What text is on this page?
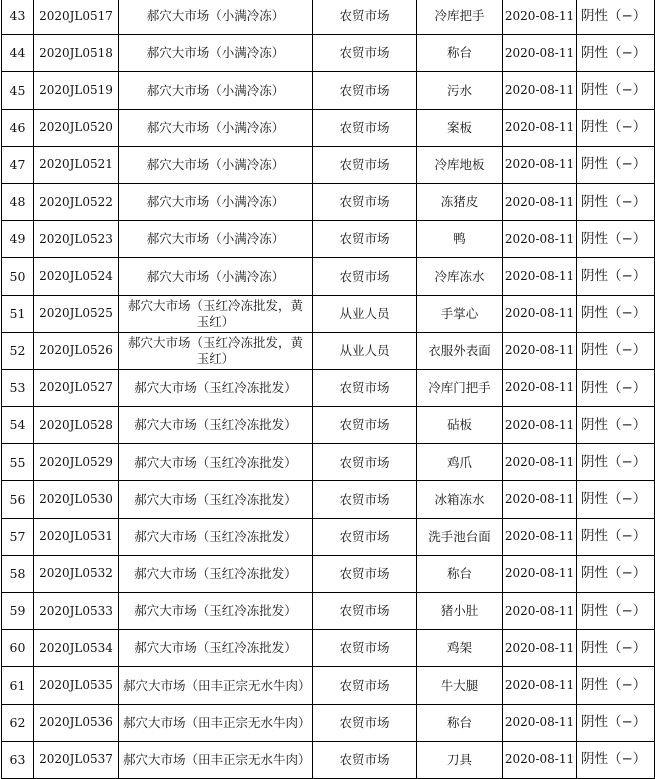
43	2020JL0517	郝穴大市场（小满冷冻）	农贸市场	冷库把手	2020-08-11	阴性（−）
44	2020JL0518	郝穴大市场（小满冷冻）	农贸市场	称台	2020-08-11	阴性（−）
45	2020JL0519	郝穴大市场（小满冷冻）	农贸市场	污水	2020-08-11	阴性（−）
46	2020JL0520	郝穴大市场（小满冷冻）	农贸市场	案板	2020-08-11	阴性（−）
47	2020JL0521	郝穴大市场（小满冷冻）	农贸市场	冷库地板	2020-08-11	阴性（−）
48	2020JL0522	郝穴大市场（小满冷冻）	农贸市场	冻猪皮	2020-08-11	阴性（−）
49	2020JL0523	郝穴大市场（小满冷冻）	农贸市场	鸭	2020-08-11	阴性（−）
50	2020JL0524	郝穴大市场（小满冷冻）	农贸市场	冷库冻水	2020-08-11	阴性（−）
51	2020JL0525	郝穴大市场（玉红冷冻批发，黄玉红）	从业人员	手掌心	2020-08-11	阴性（−）
52	2020JL0526	郝穴大市场（玉红冷冻批发，黄玉红）	从业人员	衣服外表面	2020-08-11	阴性（−）
53	2020JL0527	郝穴大市场（玉红冷冻批发）	农贸市场	冷库门把手	2020-08-11	阴性（−）
54	2020JL0528	郝穴大市场（玉红冷冻批发）	农贸市场	砧板	2020-08-11	阴性（−）
55	2020JL0529	郝穴大市场（玉红冷冻批发）	农贸市场	鸡爪	2020-08-11	阴性（−）
56	2020JL0530	郝穴大市场（玉红冷冻批发）	农贸市场	冰箱冻水	2020-08-11	阴性（−）
57	2020JL0531	郝穴大市场（玉红冷冻批发）	农贸市场	洗手池台面	2020-08-11	阴性（−）
58	2020JL0532	郝穴大市场（玉红冷冻批发）	农贸市场	称台	2020-08-11	阴性（−）
59	2020JL0533	郝穴大市场（玉红冷冻批发）	农贸市场	猪小肚	2020-08-11	阴性（−）
60	2020JL0534	郝穴大市场（玉红冷冻批发）	农贸市场	鸡架	2020-08-11	阴性（−）
61	2020JL0535	郝穴大市场（田丰正宗无水牛肉）	农贸市场	牛大腿	2020-08-11	阴性（−）
62	2020JL0536	郝穴大市场（田丰正宗无水牛肉）	农贸市场	称台	2020-08-11	阴性（−）
63	2020JL0537	郝穴大市场（田丰正宗无水牛肉）	农贸市场	刀具	2020-08-11	阴性（−）
